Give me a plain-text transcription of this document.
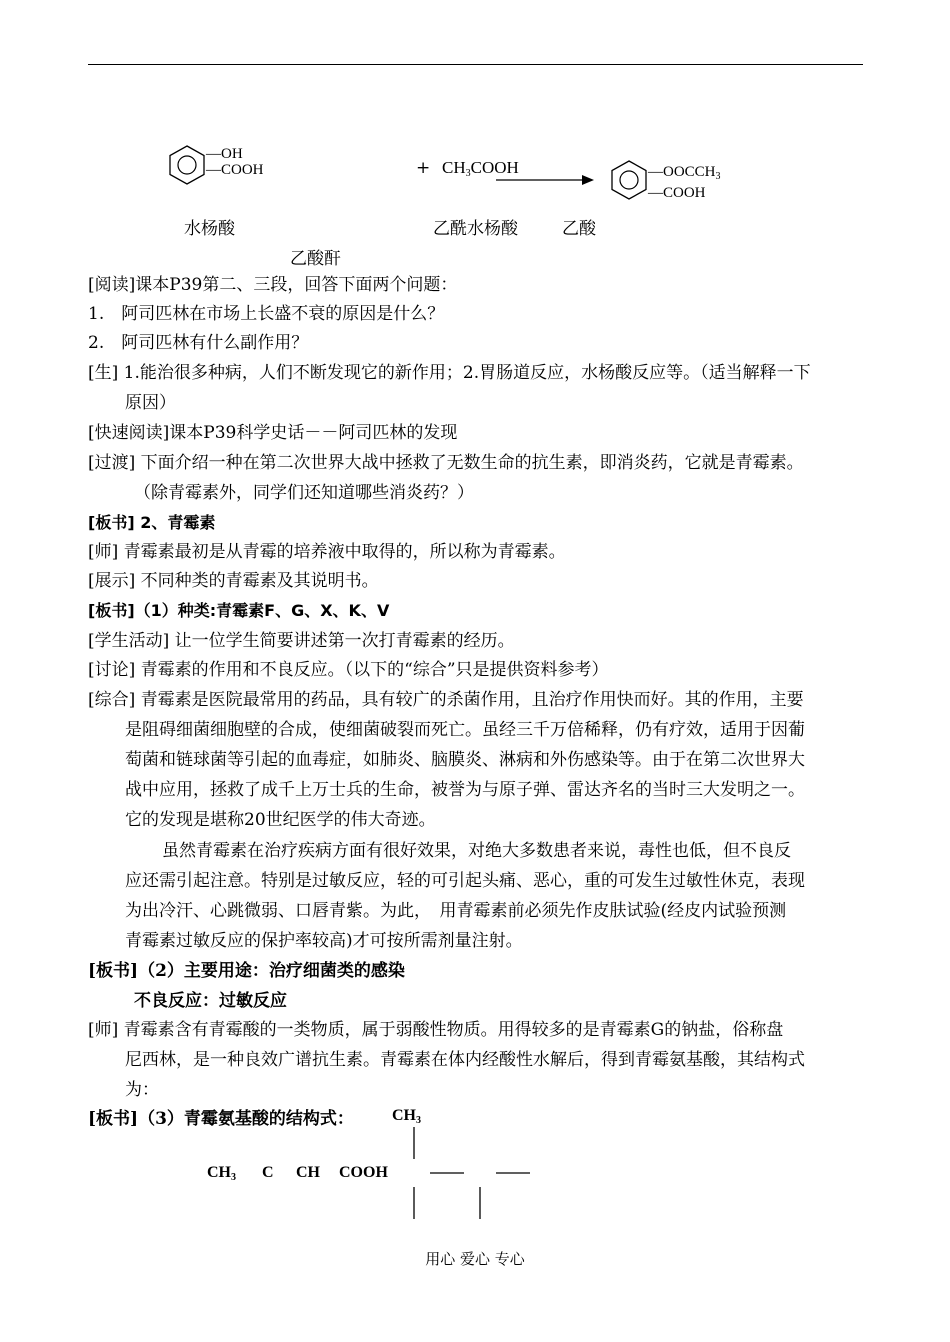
—OH
—COOH	+ $CH_3COOH$	$—OOCCH_3$
—COOH
水杨酸	乙酰水杨酸	乙酸
乙酸酐
[阅读]课本P39第二、三段，回答下面两个问题：
1.　阿司匹林在市场上长盛不衰的原因是什么？
2.　阿司匹林有什么副作用？
[生] 1.能治很多种病，人们不断发现它的新作用；2.胃肠道反应，水杨酸反应等。（适当解释一下
原因）
[快速阅读]课本P39科学史话－－阿司匹林的发现
[过渡] 下面介绍一种在第二次世界大战中拯救了无数生命的抗生素，即消炎药，它就是青霉素。
（除青霉素外，同学们还知道哪些消炎药？）
[板书] 2、青霉素
[师] 青霉素最初是从青霉的培养液中取得的，所以称为青霉素。
[展示] 不同种类的青霉素及其说明书。
[板书]（1）种类:青霉素F、G、X、K、V
[学生活动] 让一位学生简要讲述第一次打青霉素的经历。
[讨论] 青霉素的作用和不良反应。（以下的“综合”只是提供资料参考）
[综合] 青霉素是医院最常用的药品，具有较广的杀菌作用，且治疗作用快而好。其的作用，主要
是阻碍细菌细胞壁的合成，使细菌破裂而死亡。虽经三千万倍稀释，仍有疗效，适用于因葡
萄菌和链球菌等引起的血毒症，如肺炎、脑膜炎、淋病和外伤感染等。由于在第二次世界大
战中应用，拯救了成千上万士兵的生命，被誉为与原子弹、雷达齐名的当时三大发明之一。
它的发现是堪称20世纪医学的伟大奇迹。
虽然青霉素在治疗疾病方面有很好效果，对绝大多数患者来说，毒性也低，但不良反
应还需引起注意。特别是过敏反应，轻的可引起头痛、恶心，重的可发生过敏性休克，表现
为出冷汗、心跳微弱、口唇青紫。为此，　用青霉素前必须先作皮肤试验(经皮内试验预测
青霉素过敏反应的保护率较高)才可按所需剂量注射。
[板书]（2）主要用途：治疗细菌类的感染
不良反应：过敏反应
[师] 青霉素含有青霉酸的一类物质，属于弱酸性物质。用得较多的是青霉素G的钠盐，俗称盘
尼西林，是一种良效广谱抗生素。青霉素在体内经酸性水解后，得到青霉氨基酸，其结构式
为：
[板书]（3）青霉氨基酸的结构式：	$CH_3$
$CH_3$ C CH COOH
用心 爱心 专心
